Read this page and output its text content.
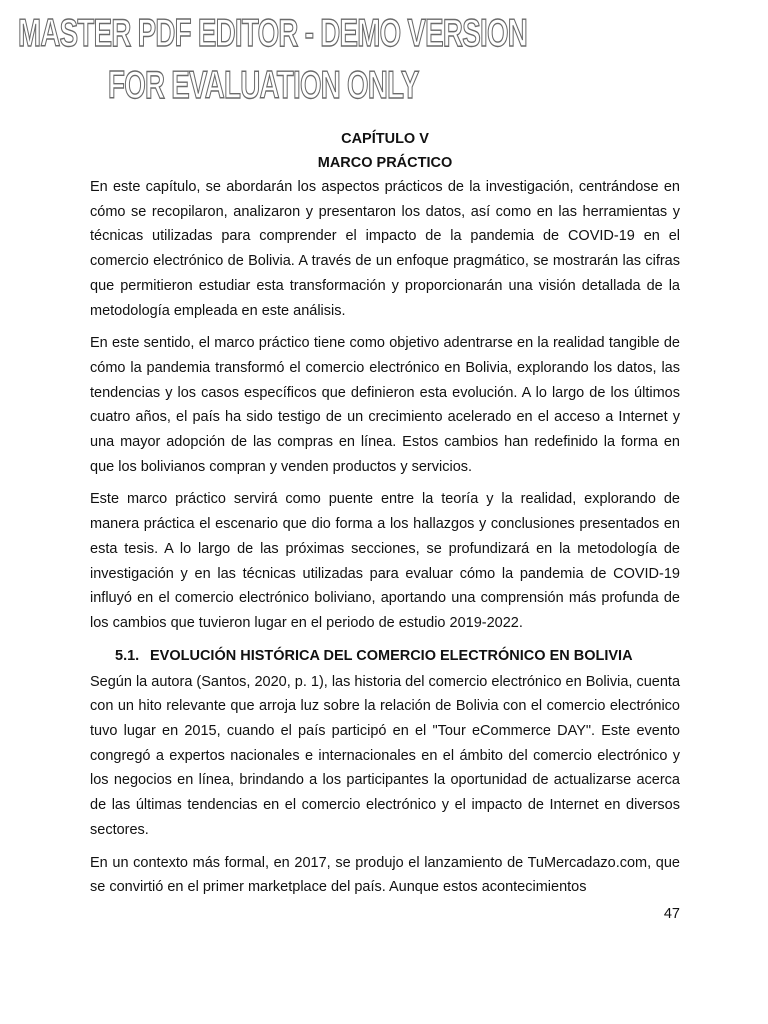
MASTER PDF EDITOR - DEMO VERSION

FOR EVALUATION ONLY

CAPÍTULO V

MARCO PRÁCTICO

En este capítulo, se abordarán los aspectos prácticos de la investigación, centrándose en cómo se recopilaron, analizaron y presentaron los datos, así como en las herramientas y técnicas utilizadas para comprender el impacto de la pandemia de COVID-19 en el comercio electrónico de Bolivia. A través de un enfoque pragmático, se mostrarán las cifras que permitieron estudiar esta transformación y proporcionarán una visión detallada de la metodología empleada en este análisis.

En este sentido, el marco práctico tiene como objetivo adentrarse en la realidad tangible de cómo la pandemia transformó el comercio electrónico en Bolivia, explorando los datos, las tendencias y los casos específicos que definieron esta evolución. A lo largo de los últimos cuatro años, el país ha sido testigo de un crecimiento acelerado en el acceso a Internet y una mayor adopción de las compras en línea. Estos cambios han redefinido la forma en que los bolivianos compran y venden productos y servicios.

Este marco práctico servirá como puente entre la teoría y la realidad, explorando de manera práctica el escenario que dio forma a los hallazgos y conclusiones presentados en esta tesis. A lo largo de las próximas secciones, se profundizará en la metodología de investigación y en las técnicas utilizadas para evaluar cómo la pandemia de COVID-19 influyó en el comercio electrónico boliviano, aportando una comprensión más profunda de los cambios que tuvieron lugar en el periodo de estudio 2019-2022.

5.1. EVOLUCIÓN HISTÓRICA DEL COMERCIO ELECTRÓNICO EN BOLIVIA

Según la autora (Santos, 2020, p. 1), las historia del comercio electrónico en Bolivia, cuenta con un hito relevante que arroja luz sobre la relación de Bolivia con el comercio electrónico tuvo lugar en 2015, cuando el país participó en el "Tour eCommerce DAY". Este evento congregó a expertos nacionales e internacionales en el ámbito del comercio electrónico y los negocios en línea, brindando a los participantes la oportunidad de actualizarse acerca de las últimas tendencias en el comercio electrónico y el impacto de Internet en diversos sectores.

En un contexto más formal, en 2017, se produjo el lanzamiento de TuMercadazo.com, que se convirtió en el primer marketplace del país. Aunque estos acontecimientos

47
